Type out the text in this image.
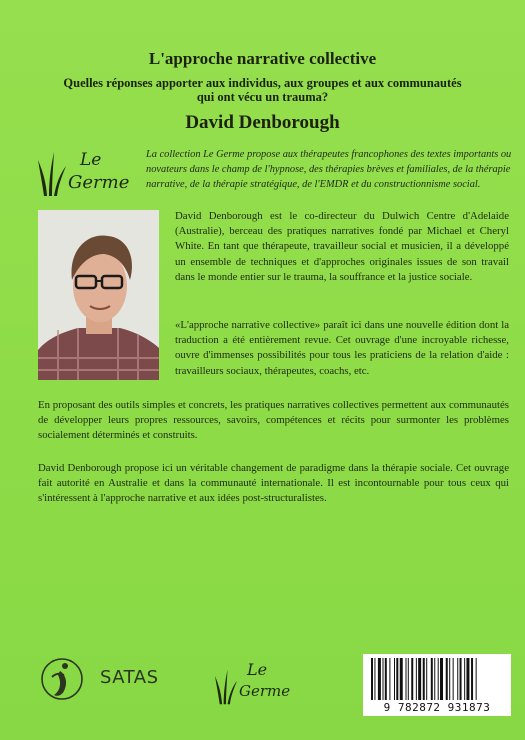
L'approche narrative collective
Quelles réponses apporter aux individus, aux groupes et aux communautés
qui ont vécu un trauma?
David Denborough
Le
Germe
La collection Le Germe propose aux thérapeutes francophones des textes importants ou novateurs dans le champ de l'hypnose, des thérapies brèves et familiales, de la thérapie narrative, de la thérapie stratégique, de l'EMDR et du constructionnisme social.
David Denborough est le co-directeur du Dulwich Centre d'Adelaide (Australie), berceau des pratiques narratives fondé par Michael et Cheryl White. En tant que thérapeute, travailleur social et musicien, il a développé un ensemble de techniques et d'approches originales issues de son travail dans le monde entier sur le trauma, la souffrance et la justice sociale.
«L'approche narrative collective» paraît ici dans une nouvelle édition dont la traduction a été entièrement revue. Cet ouvrage d'une incroyable richesse, ouvre d'immenses possibilités pour tous les praticiens de la relation d'aide : travailleurs sociaux, thérapeutes, coachs, etc.
En proposant des outils simples et concrets, les pratiques narratives collectives permettent aux communautés de développer leurs propres ressources, savoirs, compétences et récits pour surmonter les problèmes socialement déterminés et construits.
David Denborough propose ici un véritable changement de paradigme dans la thérapie sociale. Cet ouvrage fait autorité en Australie et dans la communauté internationale. Il est incontournable pour tous ceux qui s'intéressent à l'approche narrative et aux idées post-structuralistes.
SATAS	Le
Germe
9 782872 931873
